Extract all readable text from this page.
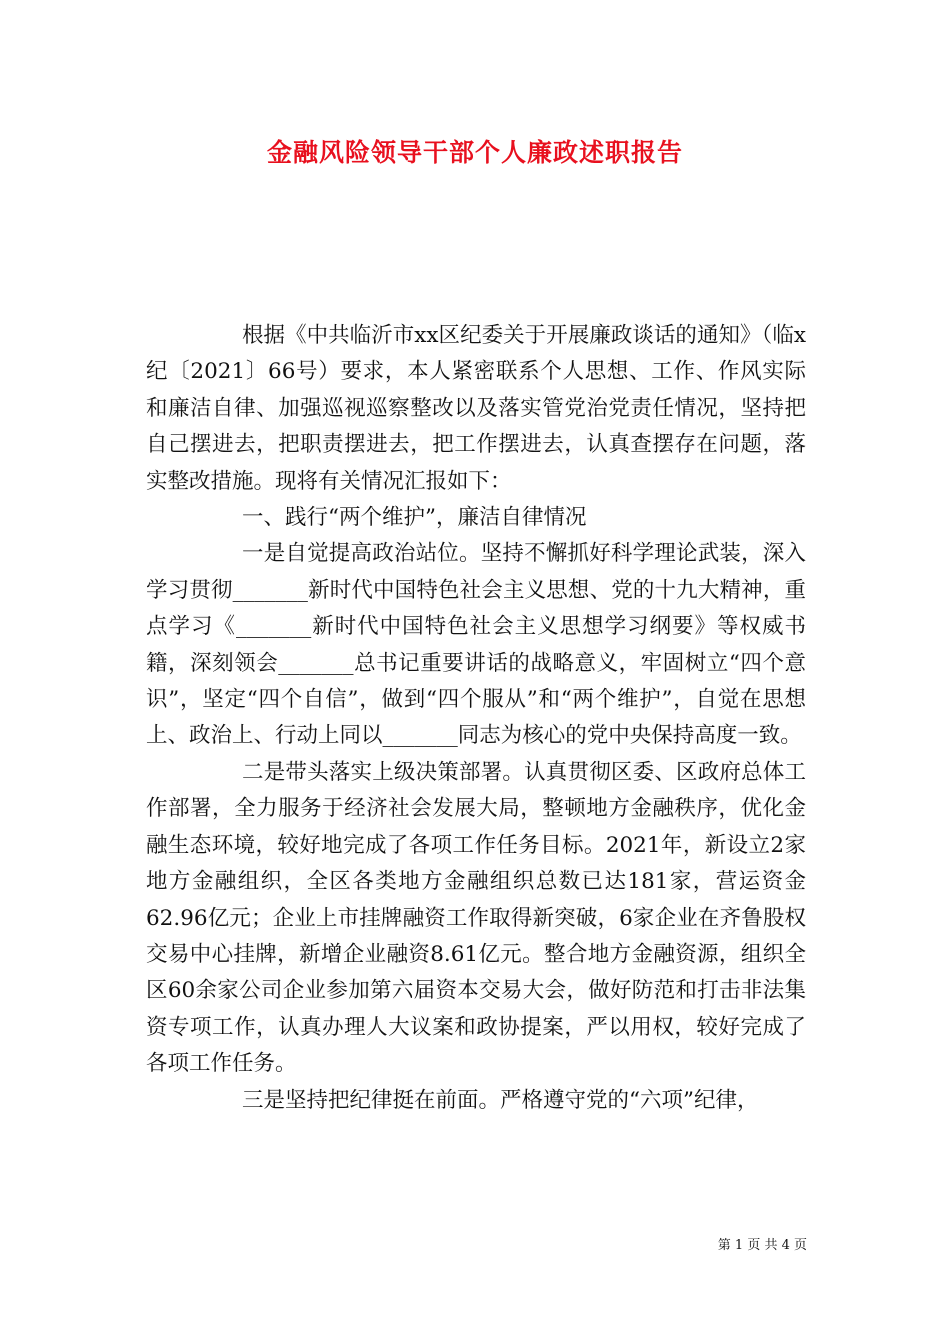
金融风险领导干部个人廉政述职报告

根据《中共临沂市xx区纪委关于开展廉政谈话的通知》（临x纪〔2021〕66号）要求，本人紧密联系个人思想、工作、作风实际和廉洁自律、加强巡视巡察整改以及落实管党治党责任情况，坚持把自己摆进去，把职责摆进去，把工作摆进去，认真查摆存在问题，落实整改措施。现将有关情况汇报如下：

一、践行“两个维护”，廉洁自律情况

一是自觉提高政治站位。坚持不懈抓好科学理论武装，深入学习贯彻_______新时代中国特色社会主义思想、党的十九大精神，重点学习《_______新时代中国特色社会主义思想学习纲要》等权威书籍，深刻领会_______总书记重要讲话的战略意义，牢固树立“四个意识”，坚定“四个自信”，做到“四个服从”和“两个维护”，自觉在思想上、政治上、行动上同以_______同志为核心的党中央保持高度一致。

二是带头落实上级决策部署。认真贯彻区委、区政府总体工作部署，全力服务于经济社会发展大局，整顿地方金融秩序，优化金融生态环境，较好地完成了各项工作任务目标。2021年，新设立2家地方金融组织，全区各类地方金融组织总数已达181家，营运资金62.96亿元；企业上市挂牌融资工作取得新突破，6家企业在齐鲁股权交易中心挂牌，新增企业融资8.61亿元。整合地方金融资源，组织全区60余家公司企业参加第六届资本交易大会，做好防范和打击非法集资专项工作，认真办理人大议案和政协提案，严以用权，较好完成了各项工作任务。

三是坚持把纪律挺在前面。严格遵守党的“六项”纪律，

第 1 页 共 4 页
